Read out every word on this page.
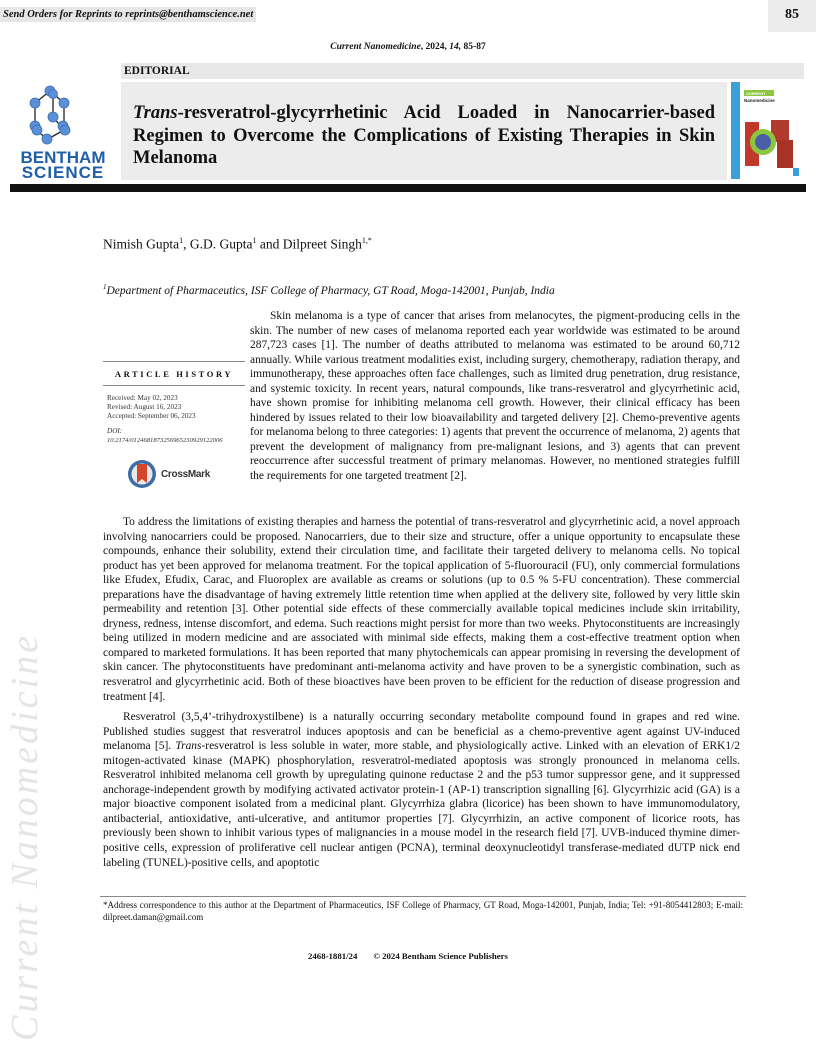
Send Orders for Reprints to reprints@benthamscience.net	85
Current Nanomedicine, 2024, 14, 85-87
BENTHAM
SCIENCE
EDITORIAL
Trans-resveratrol-glycyrrhetinic Acid Loaded in Nanocarrier-based Regimen to Overcome the Complications of Existing Therapies in Skin Melanoma
CURRENT
Nanomedicine
Nimish Gupta$^1$, G.D. Gupta$^1$ and Dilpreet Singh$^{1,*}$
$^1$Department of Pharmaceutics, ISF College of Pharmacy, GT Road, Moga-142001, Punjab, India
ARTICLE HISTORY
Received: May 02, 2023
Revised: August 16, 2023
Accepted: September 06, 2023
DOI:
10.2174/0124681873256965230929122006
CrossMark

Skin melanoma is a type of cancer that arises from melanocytes, the pigment-producing cells in the skin. The number of new cases of melanoma reported each year worldwide was estimated to be around 287,723 cases [1]. The number of deaths attributed to melanoma was estimated to be around 60,712 annually. While various treatment modalities exist, including surgery, chemotherapy, radiation therapy, and immunotherapy, these approaches often face challenges, such as limited drug penetration, drug resistance, and systemic toxicity. In recent years, natural compounds, like trans-resveratrol and glycyrrhetinic acid, have shown promise for inhibiting melanoma cell growth. However, their clinical efficacy has been hindered by issues related to their low bioavailability and targeted delivery [2]. Chemo-preventive agents for melanoma belong to three categories: 1) agents that prevent the occurrence of melanoma, 2) agents that prevent the development of malignancy from pre-malignant lesions, and 3) agents that can prevent reoccurrence after successful treatment of primary melanomas. However, no mentioned strategies fulfill the requirements for one targeted treatment [2].

To address the limitations of existing therapies and harness the potential of trans-resveratrol and glycyrrhetinic acid, a novel approach involving nanocarriers could be proposed. Nanocarriers, due to their size and structure, offer a unique opportunity to encapsulate these compounds, enhance their solubility, extend their circulation time, and facilitate their targeted delivery to melanoma cells. No topical product has yet been approved for melanoma treatment. For the topical application of 5-fluorouracil (FU), only commercial formulations like Efudex, Efudix, Carac, and Fluoroplex are available as creams or solutions (up to 0.5 % 5-FU concentration). These commercial preparations have the disadvantage of having extremely little retention time when applied at the delivery site, followed by very little skin permeability and retention [3]. Other potential side effects of these commercially available topical medicines include skin irritability, dryness, redness, intense discomfort, and edema. Such reactions might persist for more than two weeks. Phytoconstituents are increasingly being utilized in modern medicine and are associated with minimal side effects, making them a cost-effective treatment option when compared to marketed formulations. It has been reported that many phytochemicals can appear promising in reversing the development of skin cancer. The phytoconstituents have predominant anti-melanoma activity and have proven to be a synergistic combination, such as resveratrol and glycyrrhetinic acid. Both of these bioactives have been proven to be efficient for the reduction of disease progression and treatment [4].

Resveratrol (3,5,4’-trihydroxystilbene) is a naturally occurring secondary metabolite compound found in grapes and red wine. Published studies suggest that resveratrol induces apoptosis and can be beneficial as a chemo-preventive agent against UV-induced melanoma [5]. Trans-resveratrol is less soluble in water, more stable, and physiologically active. Linked with an elevation of ERK1/2 mitogen-activated kinase (MAPK) phosphorylation, resveratrol-mediated apoptosis was strongly pronounced in melanoma cells. Resveratrol inhibited melanoma cell growth by upregulating quinone reductase 2 and the p53 tumor suppressor gene, and it suppressed anchorage-independent growth by modifying activated activator protein-1 (AP-1) transcription signalling [6]. Glycyrrhizic acid (GA) is a major bioactive component isolated from a medicinal plant. Glycyrrhiza glabra (licorice) has been shown to have immunomodulatory, antibacterial, antioxidative, anti-ulcerative, and antitumor properties [7]. Glycyrrhizin, an active component of licorice roots, has previously been shown to inhibit various types of malignancies in a mouse model in the research field [7]. UVB-induced thymine dimer-positive cells, expression of proliferative cell nuclear antigen (PCNA), terminal deoxynucleotidyl transferase-mediated dUTP nick end labeling (TUNEL)-positive cells, and apoptotic

*Address correspondence to this author at the Department of Pharmaceutics, ISF College of Pharmacy, GT Road, Moga-142001, Punjab, India; Tel: +91-8054412803; E-mail: dilpreet.daman@gmail.com
2468-1881/24 © 2024 Bentham Science Publishers
Current Nanomedicine
